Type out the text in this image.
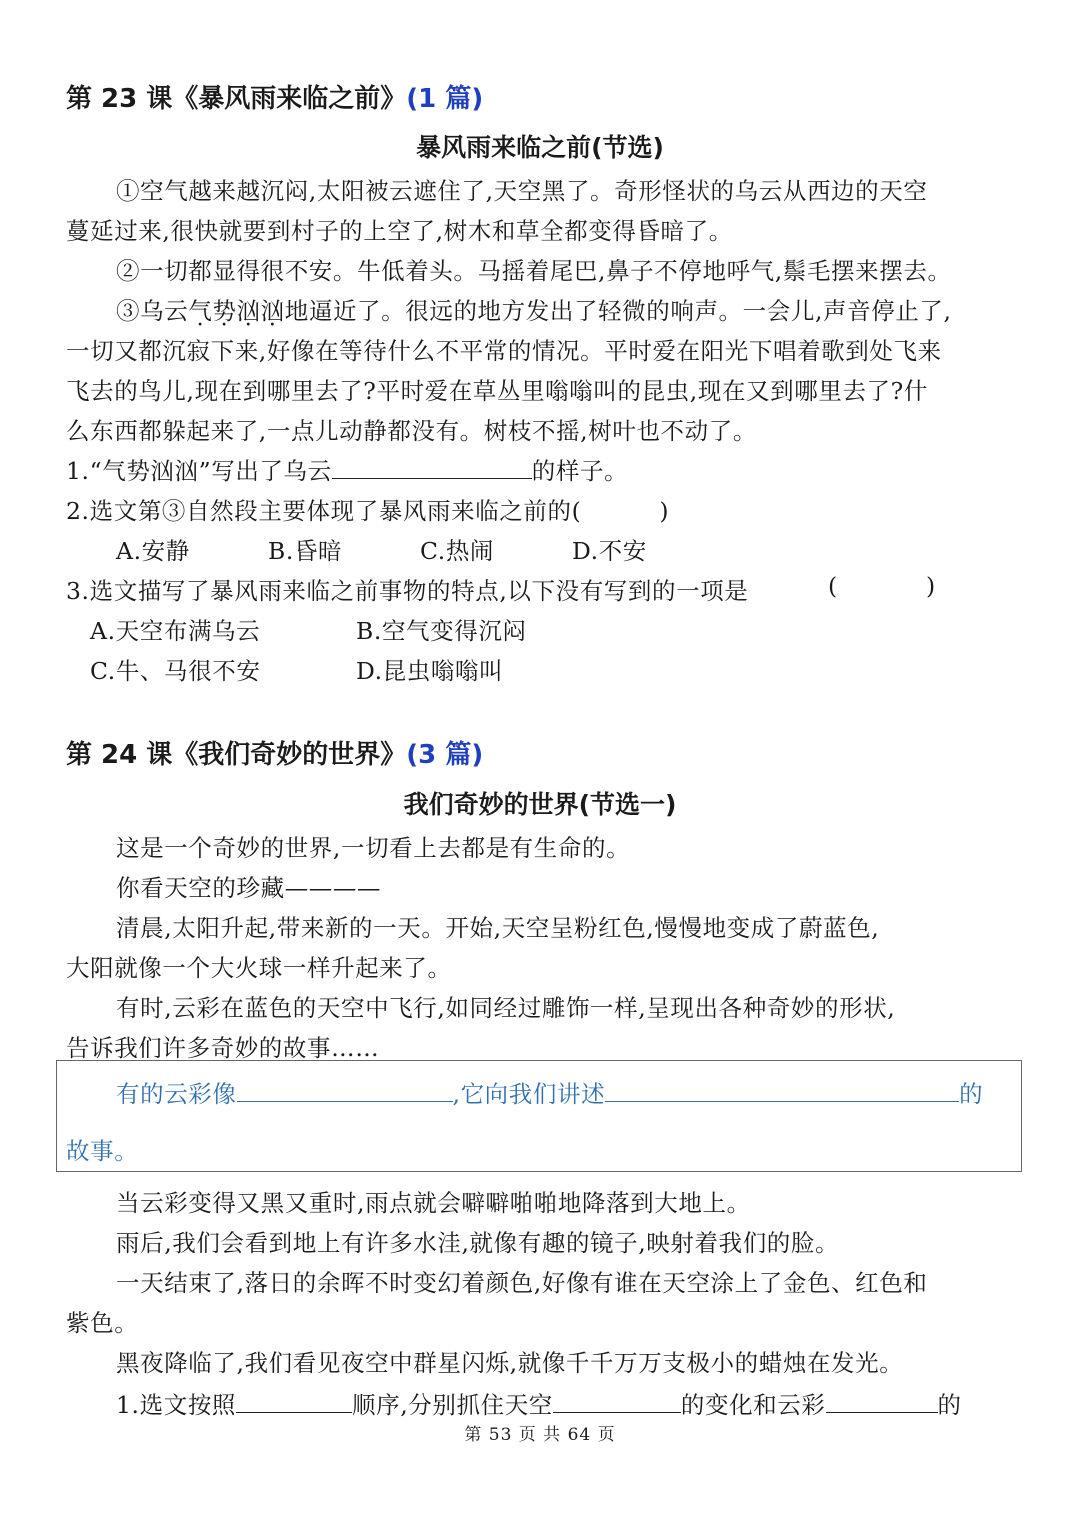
第 23 课《暴风雨来临之前》(1 篇)
暴风雨来临之前(节选)
①空气越来越沉闷,太阳被云遮住了,天空黑了。奇形怪状的乌云从西边的天空
蔓延过来,很快就要到村子的上空了,树木和草全都变得昏暗了。
②一切都显得很不安。牛低着头。马摇着尾巴,鼻子不停地呼气,鬃毛摆来摆去。
③乌云气势汹汹地逼近了。很远的地方发出了轻微的响声。一会儿,声音停止了,
一切又都沉寂下来,好像在等待什么不平常的情况。平时爱在阳光下唱着歌到处飞来
飞去的鸟儿,现在到哪里去了?平时爱在草丛里嗡嗡叫的昆虫,现在又到哪里去了?什
么东西都躲起来了,一点儿动静都没有。树枝不摇,树叶也不动了。
1.“气势汹汹”写出了乌云	的样子。
2.选文第③自然段主要体现了暴风雨来临之前的(	)
A.安静	B.昏暗	C.热闹	D.不安
3.选文描写了暴风雨来临之前事物的特点,以下没有写到的一项是	(	)
A.天空布满乌云	B.空气变得沉闷
C.牛、马很不安	D.昆虫嗡嗡叫
第 24 课《我们奇妙的世界》(3 篇)
我们奇妙的世界(节选一)
这是一个奇妙的世界,一切看上去都是有生命的。
你看天空的珍藏————
清晨,太阳升起,带来新的一天。开始,天空呈粉红色,慢慢地变成了蔚蓝色,
大阳就像一个大火球一样升起来了。
有时,云彩在蓝色的天空中飞行,如同经过雕饰一样,呈现出各种奇妙的形状,
告诉我们许多奇妙的故事……
有的云彩像	,它向我们讲述	的
故事。
当云彩变得又黑又重时,雨点就会噼噼啪啪地降落到大地上。
雨后,我们会看到地上有许多水洼,就像有趣的镜子,映射着我们的脸。
一天结束了,落日的余晖不时变幻着颜色,好像有谁在天空涂上了金色、红色和
紫色。
黑夜降临了,我们看见夜空中群星闪烁,就像千千万万支极小的蜡烛在发光。
1.选文按照	顺序,分别抓住天空	的变化和云彩	的
第 53 页 共 64 页
